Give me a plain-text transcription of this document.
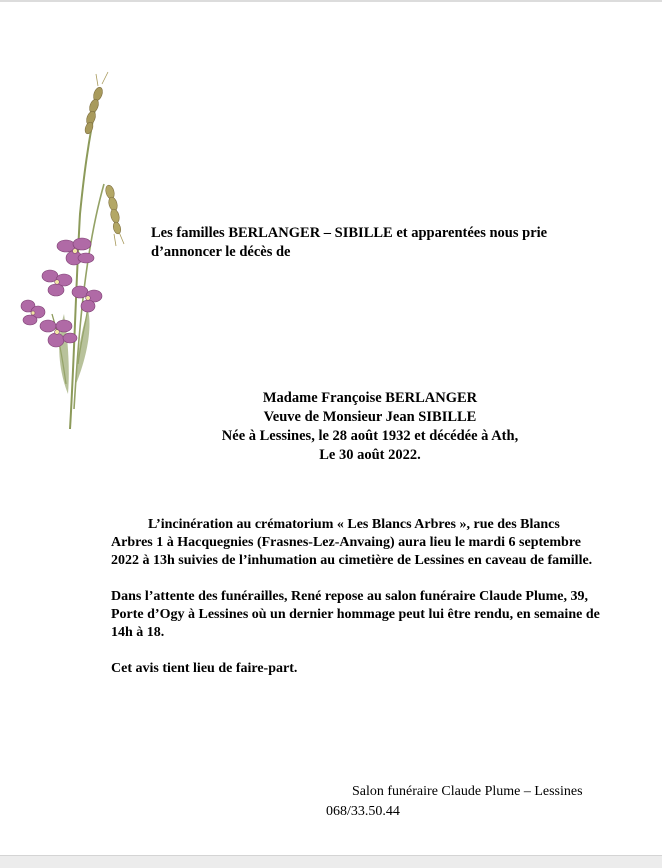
Les familles BERLANGER – SIBILLE et apparentées nous prie
d’annoncer le décès de
Madame Françoise BERLANGER
Veuve de Monsieur Jean SIBILLE
Née à Lessines, le 28 août 1932 et décédée à Ath,
Le 30 août 2022.
L’incinération au crématorium « Les Blancs Arbres », rue des Blancs
Arbres 1 à Hacquegnies (Frasnes-Lez-Anvaing) aura lieu le mardi 6 septembre
2022 à 13h suivies de l’inhumation au cimetière de Lessines en caveau de famille.
Dans l’attente des funérailles, René repose au salon funéraire Claude Plume, 39,
Porte d’Ogy à Lessines où un dernier hommage peut lui être rendu, en semaine de
14h à 18.
Cet avis tient lieu de faire-part.
Salon funéraire Claude Plume – Lessines
068/33.50.44
